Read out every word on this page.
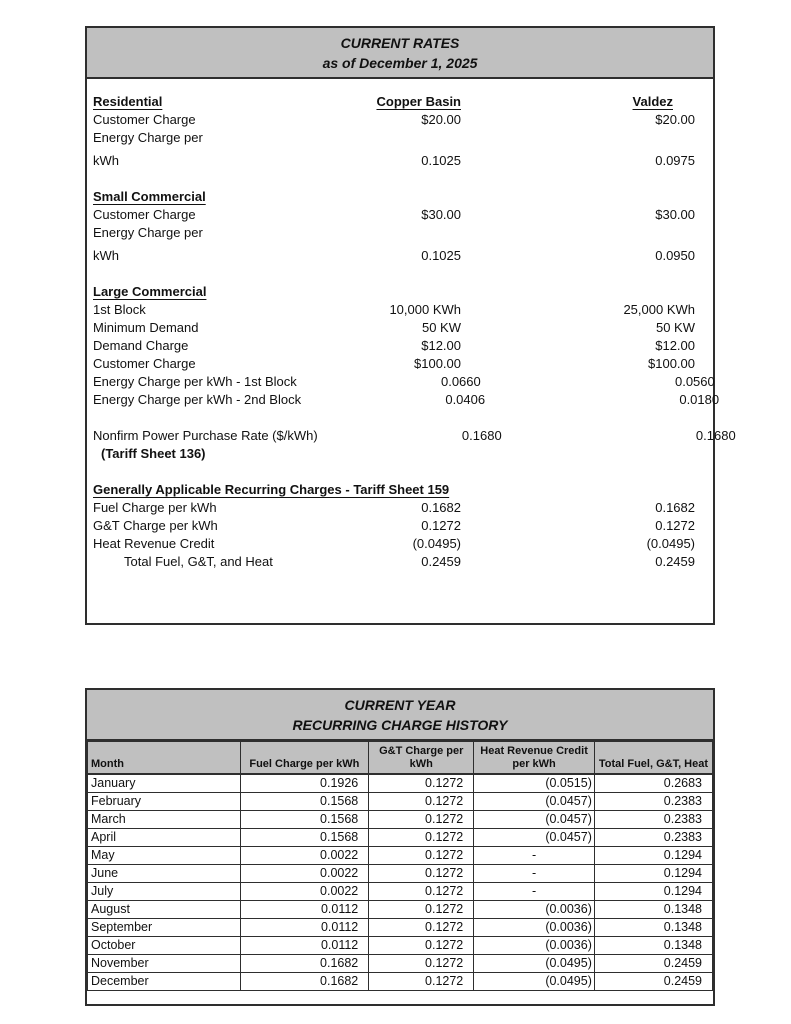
CURRENT RATES
as of December 1, 2025
Residential	Copper Basin	Valdez
Customer Charge	$20.00	$20.00
Energy Charge per
kWh	0.1025	0.0975
Small Commercial
Customer Charge	$30.00	$30.00
Energy Charge per
kWh	0.1025	0.0950
Large Commercial
1st Block	10,000 KWh	25,000 KWh
Minimum Demand	50 KW	50 KW
Demand Charge	$12.00	$12.00
Customer Charge	$100.00	$100.00
Energy Charge per kWh - 1st Block	0.0660	0.0560
Energy Charge per kWh - 2nd Block	0.0406	0.0180
Nonfirm Power Purchase Rate ($/kWh)	0.1680	0.1680
(Tariff Sheet 136)
Generally Applicable Recurring Charges - Tariff Sheet 159
Fuel Charge per kWh	0.1682	0.1682
G&T Charge per kWh	0.1272	0.1272
Heat Revenue Credit	(0.0495)	(0.0495)
Total Fuel, G&T, and Heat	0.2459	0.2459
CURRENT YEAR
RECURRING CHARGE HISTORY
Month	Fuel Charge per kWh	G&T Charge per kWh	Heat Revenue Credit per kWh	Total Fuel, G&T, Heat
January	0.1926	0.1272	(0.0515)	0.2683
February	0.1568	0.1272	(0.0457)	0.2383
March	0.1568	0.1272	(0.0457)	0.2383
April	0.1568	0.1272	(0.0457)	0.2383
May	0.0022	0.1272	-	0.1294
June	0.0022	0.1272	-	0.1294
July	0.0022	0.1272	-	0.1294
August	0.0112	0.1272	(0.0036)	0.1348
September	0.0112	0.1272	(0.0036)	0.1348
October	0.0112	0.1272	(0.0036)	0.1348
November	0.1682	0.1272	(0.0495)	0.2459
December	0.1682	0.1272	(0.0495)	0.2459
